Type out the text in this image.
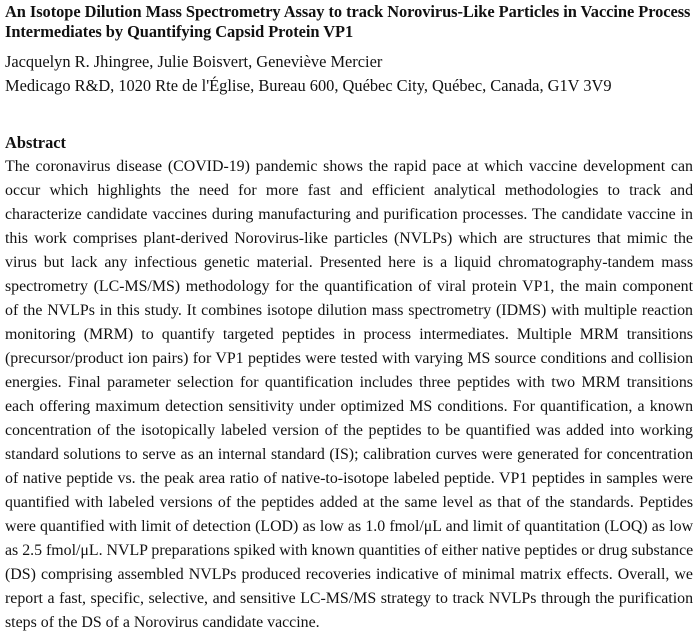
An Isotope Dilution Mass Spectrometry Assay to track Norovirus-Like Particles in Vaccine Process
Intermediates by Quantifying Capsid Protein VP1

Jacquelyn R. Jhingree, Julie Boisvert, Geneviève Mercier

Medicago R&D, 1020 Rte de l'Église, Bureau 600, Québec City, Québec, Canada, G1V 3V9

Abstract

The coronavirus disease (COVID-19) pandemic shows the rapid pace at which vaccine development can
occur which highlights the need for more fast and efficient analytical methodologies to track and
characterize candidate vaccines during manufacturing and purification processes. The candidate vaccine in
this work comprises plant-derived Norovirus-like particles (NVLPs) which are structures that mimic the
virus but lack any infectious genetic material. Presented here is a liquid chromatography-tandem mass
spectrometry (LC-MS/MS) methodology for the quantification of viral protein VP1, the main component
of the NVLPs in this study. It combines isotope dilution mass spectrometry (IDMS) with multiple reaction
monitoring (MRM) to quantify targeted peptides in process intermediates. Multiple MRM transitions
(precursor/product ion pairs) for VP1 peptides were tested with varying MS source conditions and collision
energies. Final parameter selection for quantification includes three peptides with two MRM transitions
each offering maximum detection sensitivity under optimized MS conditions. For quantification, a known
concentration of the isotopically labeled version of the peptides to be quantified was added into working
standard solutions to serve as an internal standard (IS); calibration curves were generated for concentration
of native peptide vs. the peak area ratio of native-to-isotope labeled peptide. VP1 peptides in samples were
quantified with labeled versions of the peptides added at the same level as that of the standards. Peptides
were quantified with limit of detection (LOD) as low as 1.0 fmol/μL and limit of quantitation (LOQ) as low
as 2.5 fmol/μL. NVLP preparations spiked with known quantities of either native peptides or drug substance
(DS) comprising assembled NVLPs produced recoveries indicative of minimal matrix effects. Overall, we
report a fast, specific, selective, and sensitive LC-MS/MS strategy to track NVLPs through the purification
steps of the DS of a Norovirus candidate vaccine.
